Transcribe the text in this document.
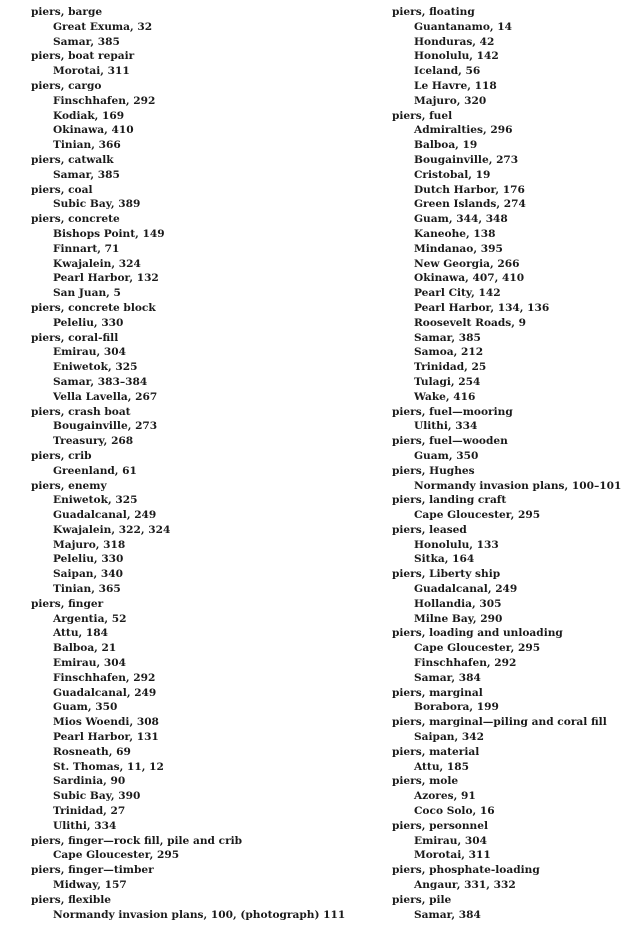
piers, barge
Great Exuma, 32
Samar, 385
piers, boat repair
Morotai, 311
piers, cargo
Finschhafen, 292
Kodiak, 169
Okinawa, 410
Tinian, 366
piers, catwalk
Samar, 385
piers, coal
Subic Bay, 389
piers, concrete
Bishops Point, 149
Finnart, 71
Kwajalein, 324
Pearl Harbor, 132
San Juan, 5
piers, concrete block
Peleliu, 330
piers, coral-fill
Emirau, 304
Eniwetok, 325
Samar, 383–384
Vella Lavella, 267
piers, crash boat
Bougainville, 273
Treasury, 268
piers, crib
Greenland, 61
piers, enemy
Eniwetok, 325
Guadalcanal, 249
Kwajalein, 322, 324
Majuro, 318
Peleliu, 330
Saipan, 340
Tinian, 365
piers, finger
Argentia, 52
Attu, 184
Balboa, 21
Emirau, 304
Finschhafen, 292
Guadalcanal, 249
Guam, 350
Mios Woendi, 308
Pearl Harbor, 131
Rosneath, 69
St. Thomas, 11, 12
Sardinia, 90
Subic Bay, 390
Trinidad, 27
Ulithi, 334
piers, finger—rock fill, pile and crib
Cape Gloucester, 295
piers, finger—timber
Midway, 157
piers, flexible
Normandy invasion plans, 100, (photograph) 111
piers, floating
Guantanamo, 14
Honduras, 42
Honolulu, 142
Iceland, 56
Le Havre, 118
Majuro, 320
piers, fuel
Admiralties, 296
Balboa, 19
Bougainville, 273
Cristobal, 19
Dutch Harbor, 176
Green Islands, 274
Guam, 344, 348
Kaneohe, 138
Mindanao, 395
New Georgia, 266
Okinawa, 407, 410
Pearl City, 142
Pearl Harbor, 134, 136
Roosevelt Roads, 9
Samar, 385
Samoa, 212
Trinidad, 25
Tulagi, 254
Wake, 416
piers, fuel—mooring
Ulithi, 334
piers, fuel—wooden
Guam, 350
piers, Hughes
Normandy invasion plans, 100–101
piers, landing craft
Cape Gloucester, 295
piers, leased
Honolulu, 133
Sitka, 164
piers, Liberty ship
Guadalcanal, 249
Hollandia, 305
Milne Bay, 290
piers, loading and unloading
Cape Gloucester, 295
Finschhafen, 292
Samar, 384
piers, marginal
Borabora, 199
piers, marginal—piling and coral fill
Saipan, 342
piers, material
Attu, 185
piers, mole
Azores, 91
Coco Solo, 16
piers, personnel
Emirau, 304
Morotai, 311
piers, phosphate-loading
Angaur, 331, 332
piers, pile
Samar, 384
